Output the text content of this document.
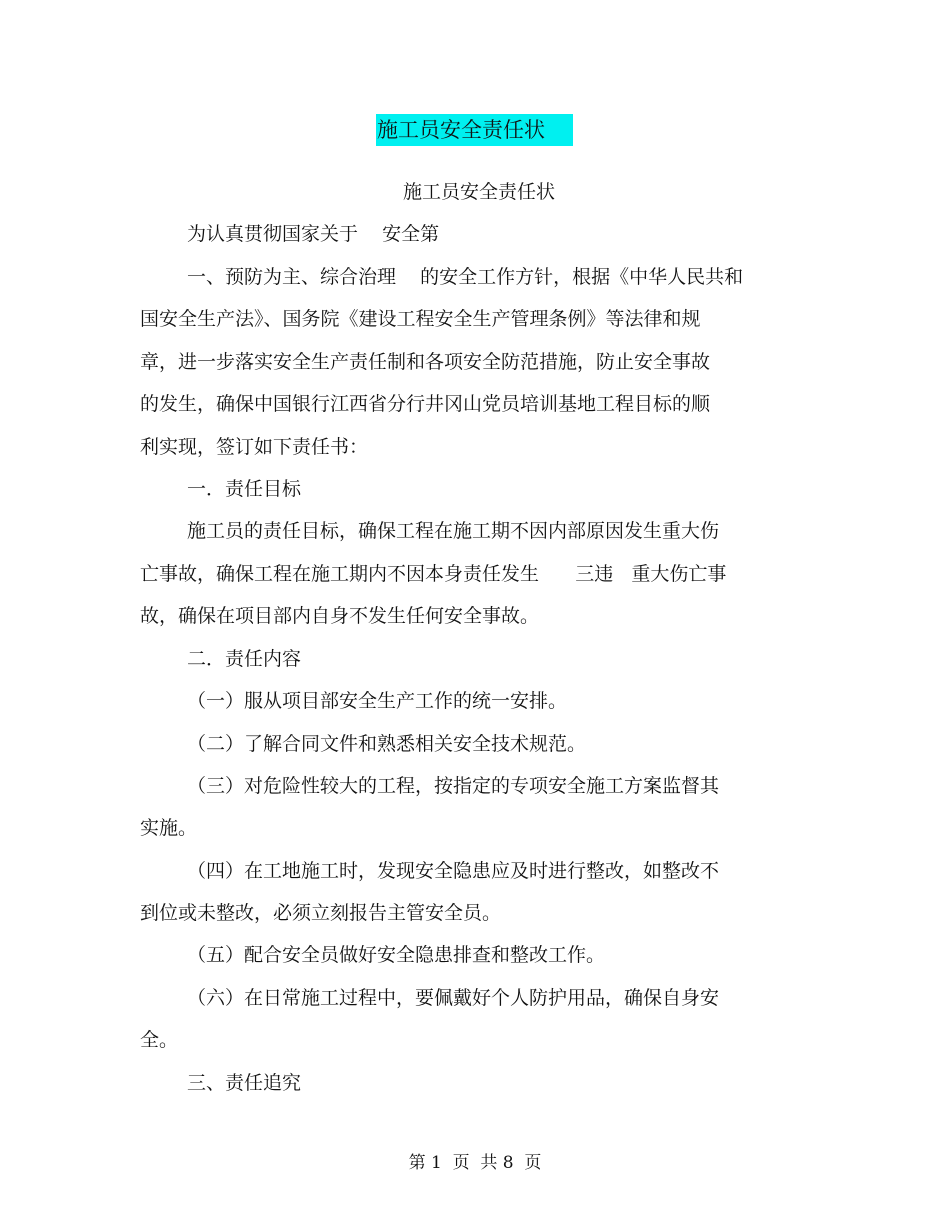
施工员安全责任状
施工员安全责任状
为认真贯彻国家关于    安全第
一、预防为主、综合治理    的安全工作方针，根据《中华人民共和
国安全生产法》、国务院《建设工程安全生产管理条例》等法律和规
章，进一步落实安全生产责任制和各项安全防范措施，防止安全事故
的发生，确保中国银行江西省分行井冈山党员培训基地工程目标的顺
利实现，签订如下责任书：
一．责任目标
施工员的责任目标，确保工程在施工期不因内部原因发生重大伤
亡事故，确保工程在施工期内不因本身责任发生      三违   重大伤亡事
故，确保在项目部内自身不发生任何安全事故。
二．责任内容
（一）服从项目部安全生产工作的统一安排。
（二）了解合同文件和熟悉相关安全技术规范。
（三）对危险性较大的工程，按指定的专项安全施工方案监督其
实施。
（四）在工地施工时，发现安全隐患应及时进行整改，如整改不
到位或未整改，必须立刻报告主管安全员。
（五）配合安全员做好安全隐患排查和整改工作。
（六）在日常施工过程中，要佩戴好个人防护用品，确保自身安
全。
三、责任追究
第 1  页  共 8  页
